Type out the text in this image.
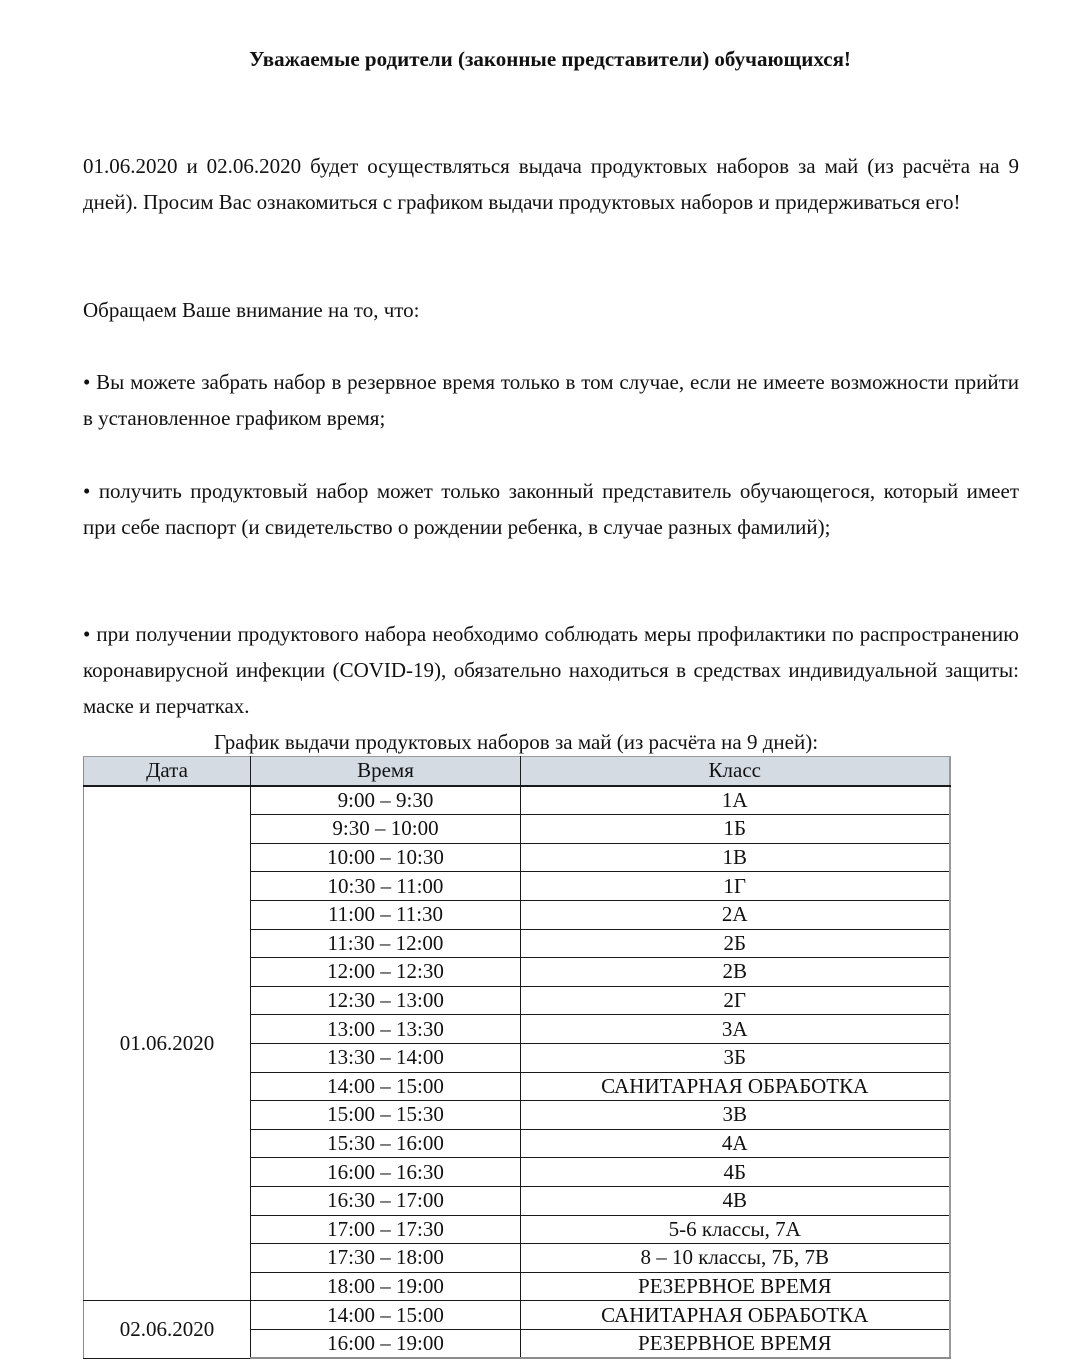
Уважаемые родители (законные представители) обучающихся!
01.06.2020 и 02.06.2020 будет осуществляться выдача продуктовых наборов за май (из расчёта на 9 дней). Просим Вас ознакомиться с графиком выдачи продуктовых наборов и придерживаться его!
Обращаем Ваше внимание на то, что:
• Вы можете забрать набор в резервное время только в том случае, если не имеете возможности прийти в установленное графиком время;
• получить продуктовый набор может только законный представитель обучающегося, который имеет при себе паспорт (и свидетельство о рождении ребенка, в случае разных фамилий);
• при получении продуктового набора необходимо соблюдать меры профилактики по распространению коронавирусной инфекции (COVID-19), обязательно находиться в средствах индивидуальной защиты: маске и перчатках.
График выдачи продуктовых наборов за май (из расчёта на 9 дней):
Дата	Время	Класс
01.06.2020	9:00 – 9:30	1А
	9:30 – 10:00	1Б
	10:00 – 10:30	1В
	10:30 – 11:00	1Г
	11:00 – 11:30	2А
	11:30 – 12:00	2Б
	12:00 – 12:30	2В
	12:30 – 13:00	2Г
	13:00 – 13:30	3А
	13:30 – 14:00	3Б
	14:00 – 15:00	САНИТАРНАЯ ОБРАБОТКА
	15:00 – 15:30	3В
	15:30 – 16:00	4А
	16:00 – 16:30	4Б
	16:30 – 17:00	4В
	17:00 – 17:30	5-6 классы, 7А
	17:30 – 18:00	8 – 10 классы, 7Б, 7В
	18:00 – 19:00	РЕЗЕРВНОЕ ВРЕМЯ
02.06.2020	14:00 – 15:00	САНИТАРНАЯ ОБРАБОТКА
	16:00 – 19:00	РЕЗЕРВНОЕ ВРЕМЯ
